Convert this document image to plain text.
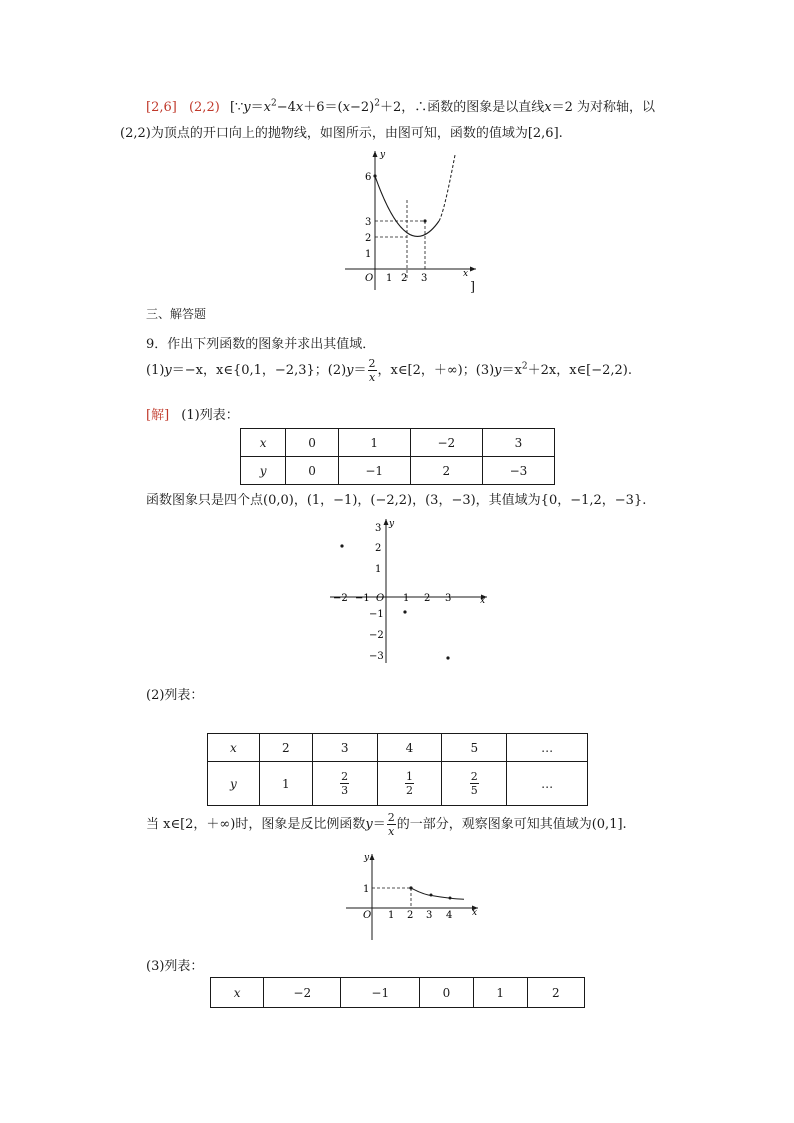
[2,6] (2,2) [$\because y=x^2-4x+6=(x-2)^2+2$，∴函数的图象是以直线x＝2 为对称轴，以
(2,2)为顶点的开口向上的抛物线，如图所示，由图可知，函数的值域为[2,6].
y
x
O
6
3
2
1
1 2 3
]
三、解答题
9．作出下列函数的图象并求出其值域．
(1)y＝−x，x∈{0,1，−2,3}；$(2)y= \frac{2}{x}$ ，x∈[2，＋∞)；$(3)y=x^2+2x$，x∈[−2,2).
[解] (1)列表：
x	0	1	−2	3
y	0	−1	2	−3
函数图象只是四个点(0,0)，(1，−1)，(−2,2)，(3，−3)，其值域为{0，−1,2，−3}.
y
x
O
3
2
1
−1
−2
−3
−2 −1	1 2 3
(2)列表：
x	2	3	4	5	…
y	1	$\frac{2}{3}$	$\frac{1}{2}$	$\frac{2}{5}$	…
当 x∈[2，＋∞)时，图象是反比例函数$y= \frac{2}{x}$ 的一部分，观察图象可知其值域为(0,1].
y
x
O
1
1 2 3 4
(3)列表：
x	−2	−1	0	1	2
